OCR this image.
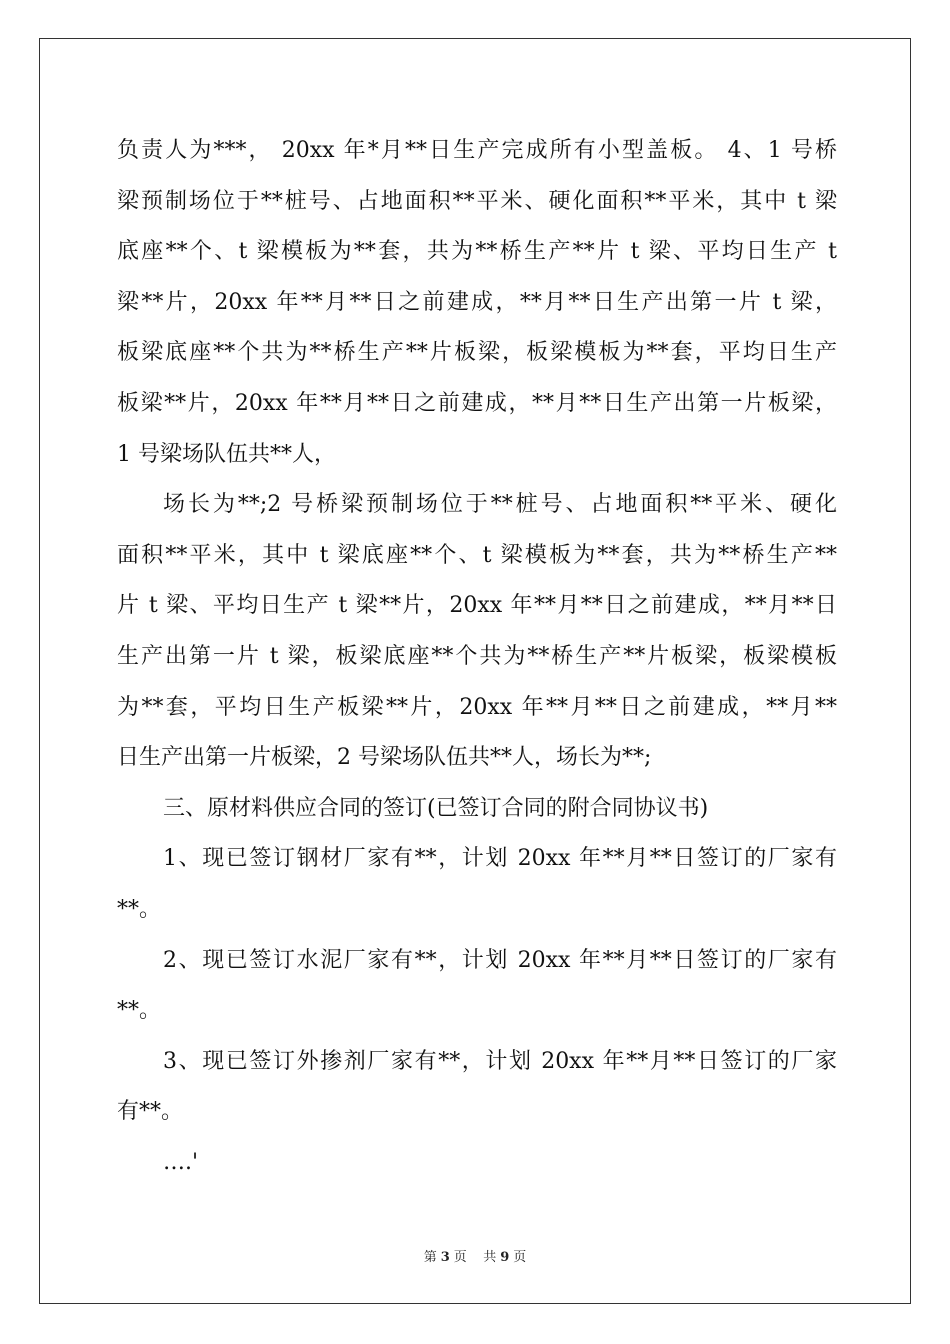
负责人为***， 20xx 年*月**日生产完成所有小型盖板。 4、1 号桥
梁预制场位于**桩号、占地面积**平米、硬化面积**平米，其中 t 梁
底座**个、t 梁模板为**套，共为**桥生产**片 t 梁、平均日生产 t
梁**片，20xx 年**月**日之前建成，**月**日生产出第一片 t 梁，
板梁底座**个共为**桥生产**片板梁，板梁模板为**套，平均日生产
板梁**片，20xx 年**月**日之前建成，**月**日生产出第一片板梁，
1 号梁场队伍共**人，
场长为**;2 号桥梁预制场位于**桩号、占地面积**平米、硬化
面积**平米，其中 t 梁底座**个、t 梁模板为**套，共为**桥生产**
片 t 梁、平均日生产 t 梁**片，20xx 年**月**日之前建成，**月**日
生产出第一片 t 梁，板梁底座**个共为**桥生产**片板梁，板梁模板
为**套，平均日生产板梁**片，20xx 年**月**日之前建成，**月**
日生产出第一片板梁，2 号梁场队伍共**人，场长为**;
三、原材料供应合同的签订(已签订合同的附合同协议书)
1、现已签订钢材厂家有**，计划 20xx 年**月**日签订的厂家有
**。
2、现已签订水泥厂家有**，计划 20xx 年**月**日签订的厂家有
**。
3、现已签订外掺剂厂家有**，计划 20xx 年**月**日签订的厂家
有**。
….'
第 3 页 共 9 页
